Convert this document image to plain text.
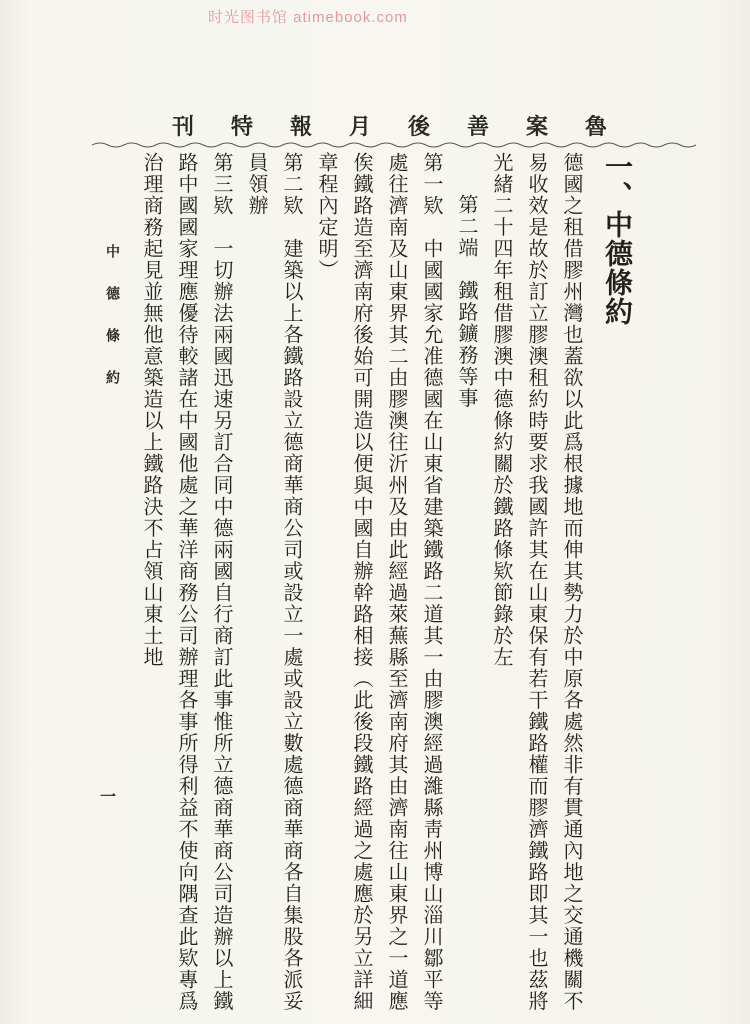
时光图书馆 atimebook.com
刊特報月後善案魯
一、中德條約
德國之租借膠州灣也蓋欲以此爲根據地而伸其勢力於中原各處然非有貫通內地之交通機關不
易收效是故於訂立膠澳租約時要求我國許其在山東保有若干鐵路權而膠濟鐵路即其一也茲將
光緒二十四年租借膠澳中德條約關於鐵路條欵節錄於左
第二端　鐵路鑛務等事
第一欵　中國國家允准德國在山東省建築鐵路二道其一由膠澳經過濰縣靑州博山淄川鄒平等
處往濟南及山東界其二由膠澳往沂州及由此經過萊蕪縣至濟南府其由濟南往山東界之一道應
俟鐵路造至濟南府後始可開造以便與中國自辦幹路相接（此後段鐵路經過之處應於另立詳細
章程內定明）
第二欵　建築以上各鐵路設立德商華商公司或設立一處或設立數處德商華商各自集股各派妥
員領辦
第三欵　一切辦法兩國迅速另訂合同中德兩國自行商訂此事惟所立德商華商公司造辦以上鐵
路中國國家理應優待較諸在中國他處之華洋商務公司辦理各事所得利益不使向隅查此欵專爲
治理商務起見並無他意築造以上鐵路決不占領山東土地
中德條約
一
